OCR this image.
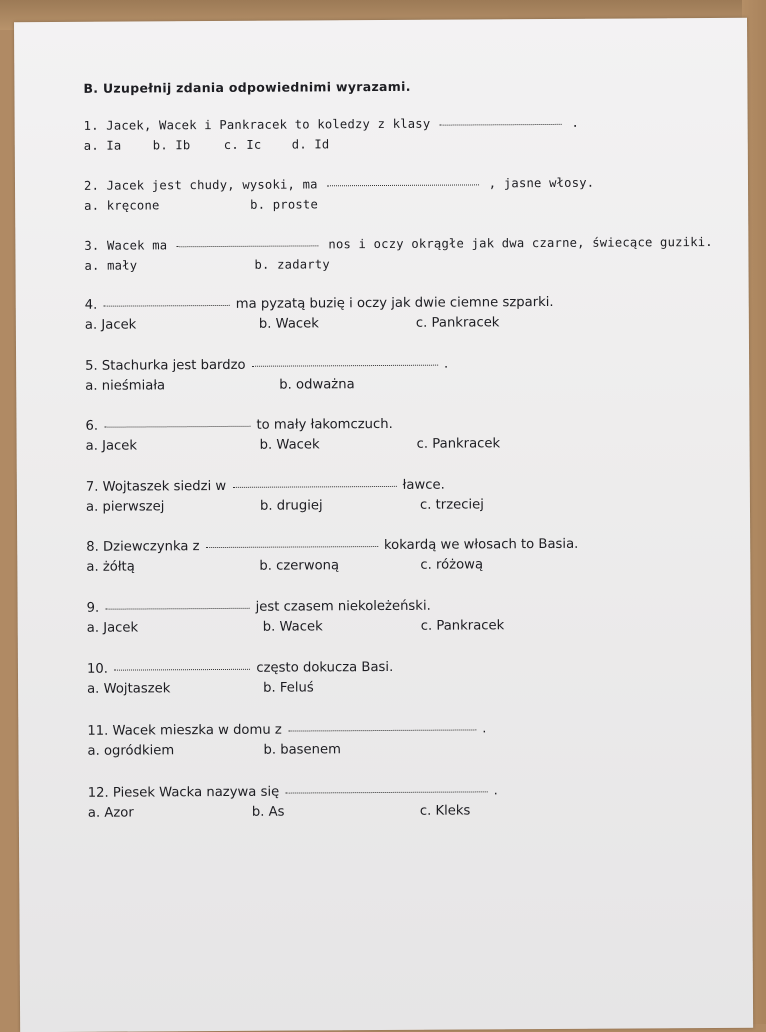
B. Uzupełnij zdania odpowiednimi wyrazami.
1. Jacek, Wacek i Pankracek to koledzy z klasy	.
a. Ia	b. Ib	c. Ic d. Id
2. Jacek jest chudy, wysoki, ma	, jasne włosy.
a. kręcone	b. proste
3. Wacek ma	nos i oczy okrągłe jak dwa czarne, świecące guziki.
a. mały	b. zadarty
4.	ma pyzatą buzię i oczy jak dwie ciemne szparki.
a. Jacek	b. Wacek	c. Pankracek
5. Stachurka jest bardzo	.
a. nieśmiała	b. odważna
6.	to mały łakomczuch.
a. Jacek	b. Wacek	c. Pankracek
7. Wojtaszek siedzi w	ławce.
a. pierwszej	b. drugiej	c. trzeciej
8. Dziewczynka z	kokardą we włosach to Basia.
a. żółtą	b. czerwoną	c. różową
9.	jest czasem niekoleżeński.
a. Jacek	b. Wacek	c. Pankracek
10.	często dokucza Basi.
a. Wojtaszek	b. Feluś
11. Wacek mieszka w domu z	.
a. ogródkiem	b. basenem
12. Piesek Wacka nazywa się	.
a. Azor	b. As	c. Kleks
